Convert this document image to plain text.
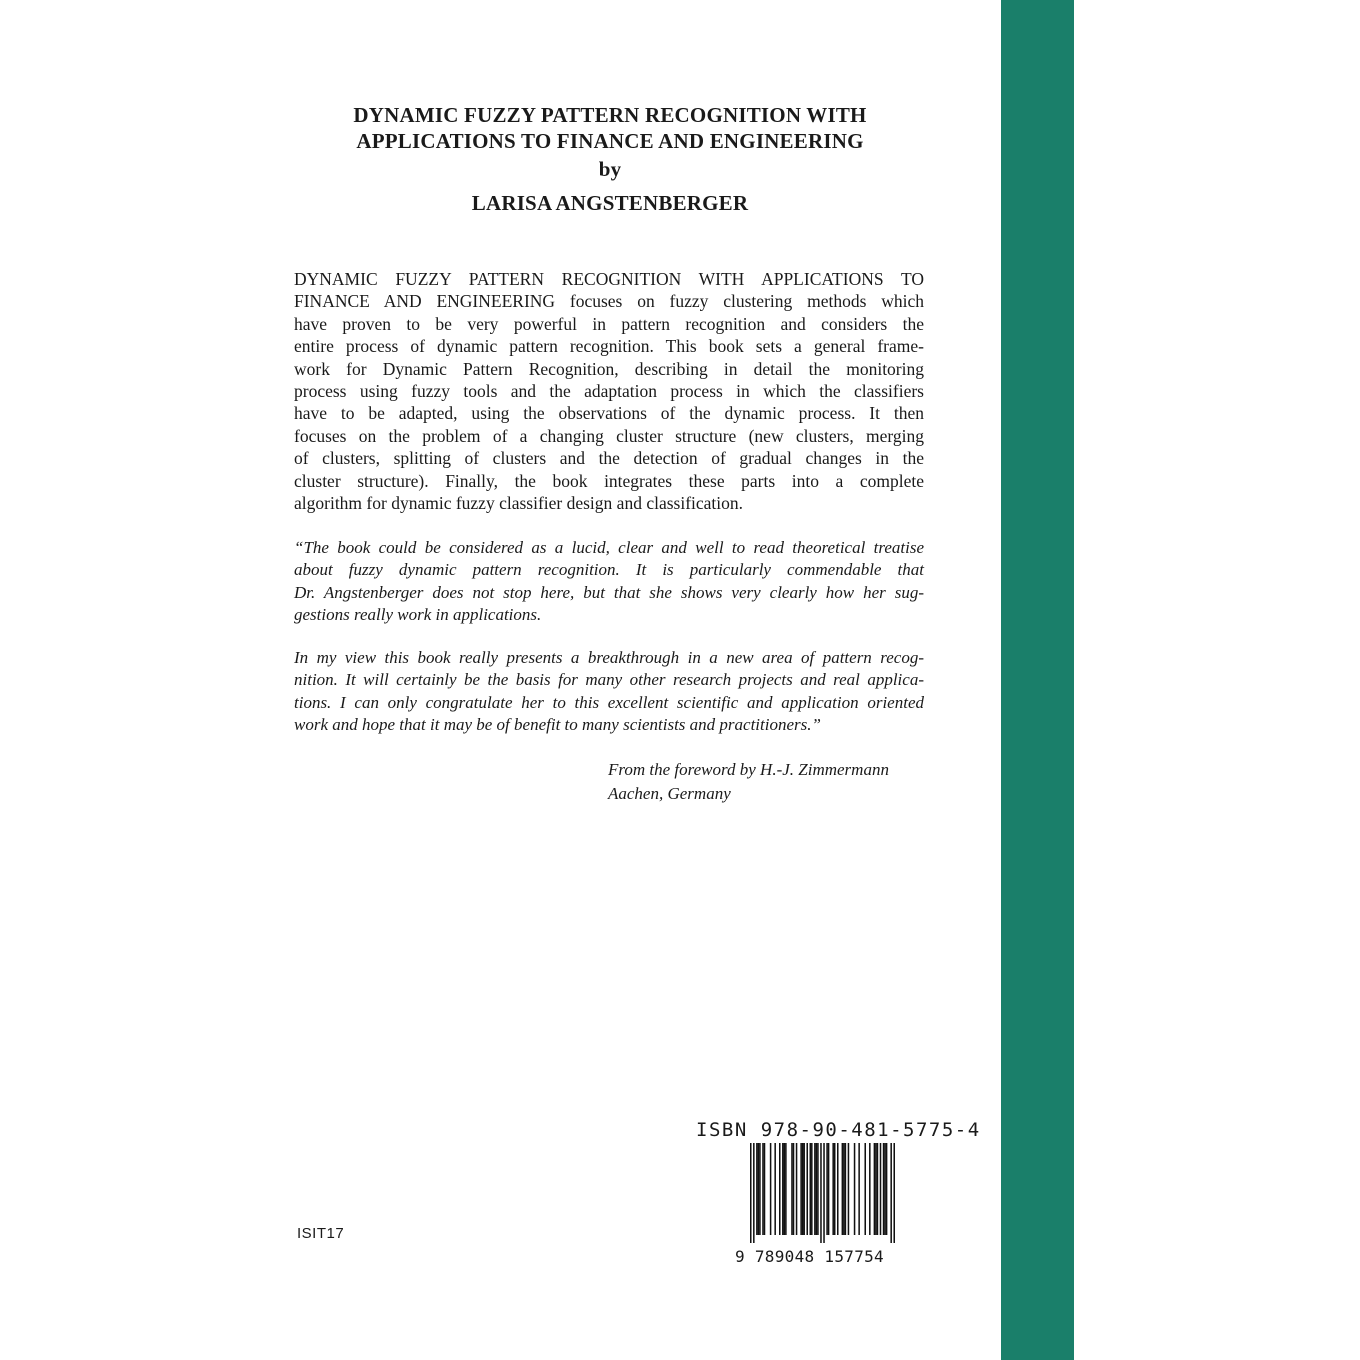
DYNAMIC FUZZY PATTERN RECOGNITION WITH
APPLICATIONS TO FINANCE AND ENGINEERING
by
LARISA ANGSTENBERGER
DYNAMIC FUZZY PATTERN RECOGNITION WITH APPLICATIONS TO
FINANCE AND ENGINEERING focuses on fuzzy clustering methods which
have proven to be very powerful in pattern recognition and considers the
entire process of dynamic pattern recognition. This book sets a general frame-
work for Dynamic Pattern Recognition, describing in detail the monitoring
process using fuzzy tools and the adaptation process in which the classifiers
have to be adapted, using the observations of the dynamic process. It then
focuses on the problem of a changing cluster structure (new clusters, merging
of clusters, splitting of clusters and the detection of gradual changes in the
cluster structure). Finally, the book integrates these parts into a complete
algorithm for dynamic fuzzy classifier design and classification.
“The book could be considered as a lucid, clear and well to read theoretical treatise
about fuzzy dynamic pattern recognition. It is particularly commendable that
Dr. Angstenberger does not stop here, but that she shows very clearly how her sug-
gestions really work in applications.
In my view this book really presents a breakthrough in a new area of pattern recog-
nition. It will certainly be the basis for many other research projects and real applica-
tions. I can only congratulate her to this excellent scientific and application oriented
work and hope that it may be of benefit to many scientists and practitioners.”
From the foreword by H.-J. Zimmermann
Aachen, Germany
ISBN 978-90-481-5775-4
9 789048 157754
ISIT17
